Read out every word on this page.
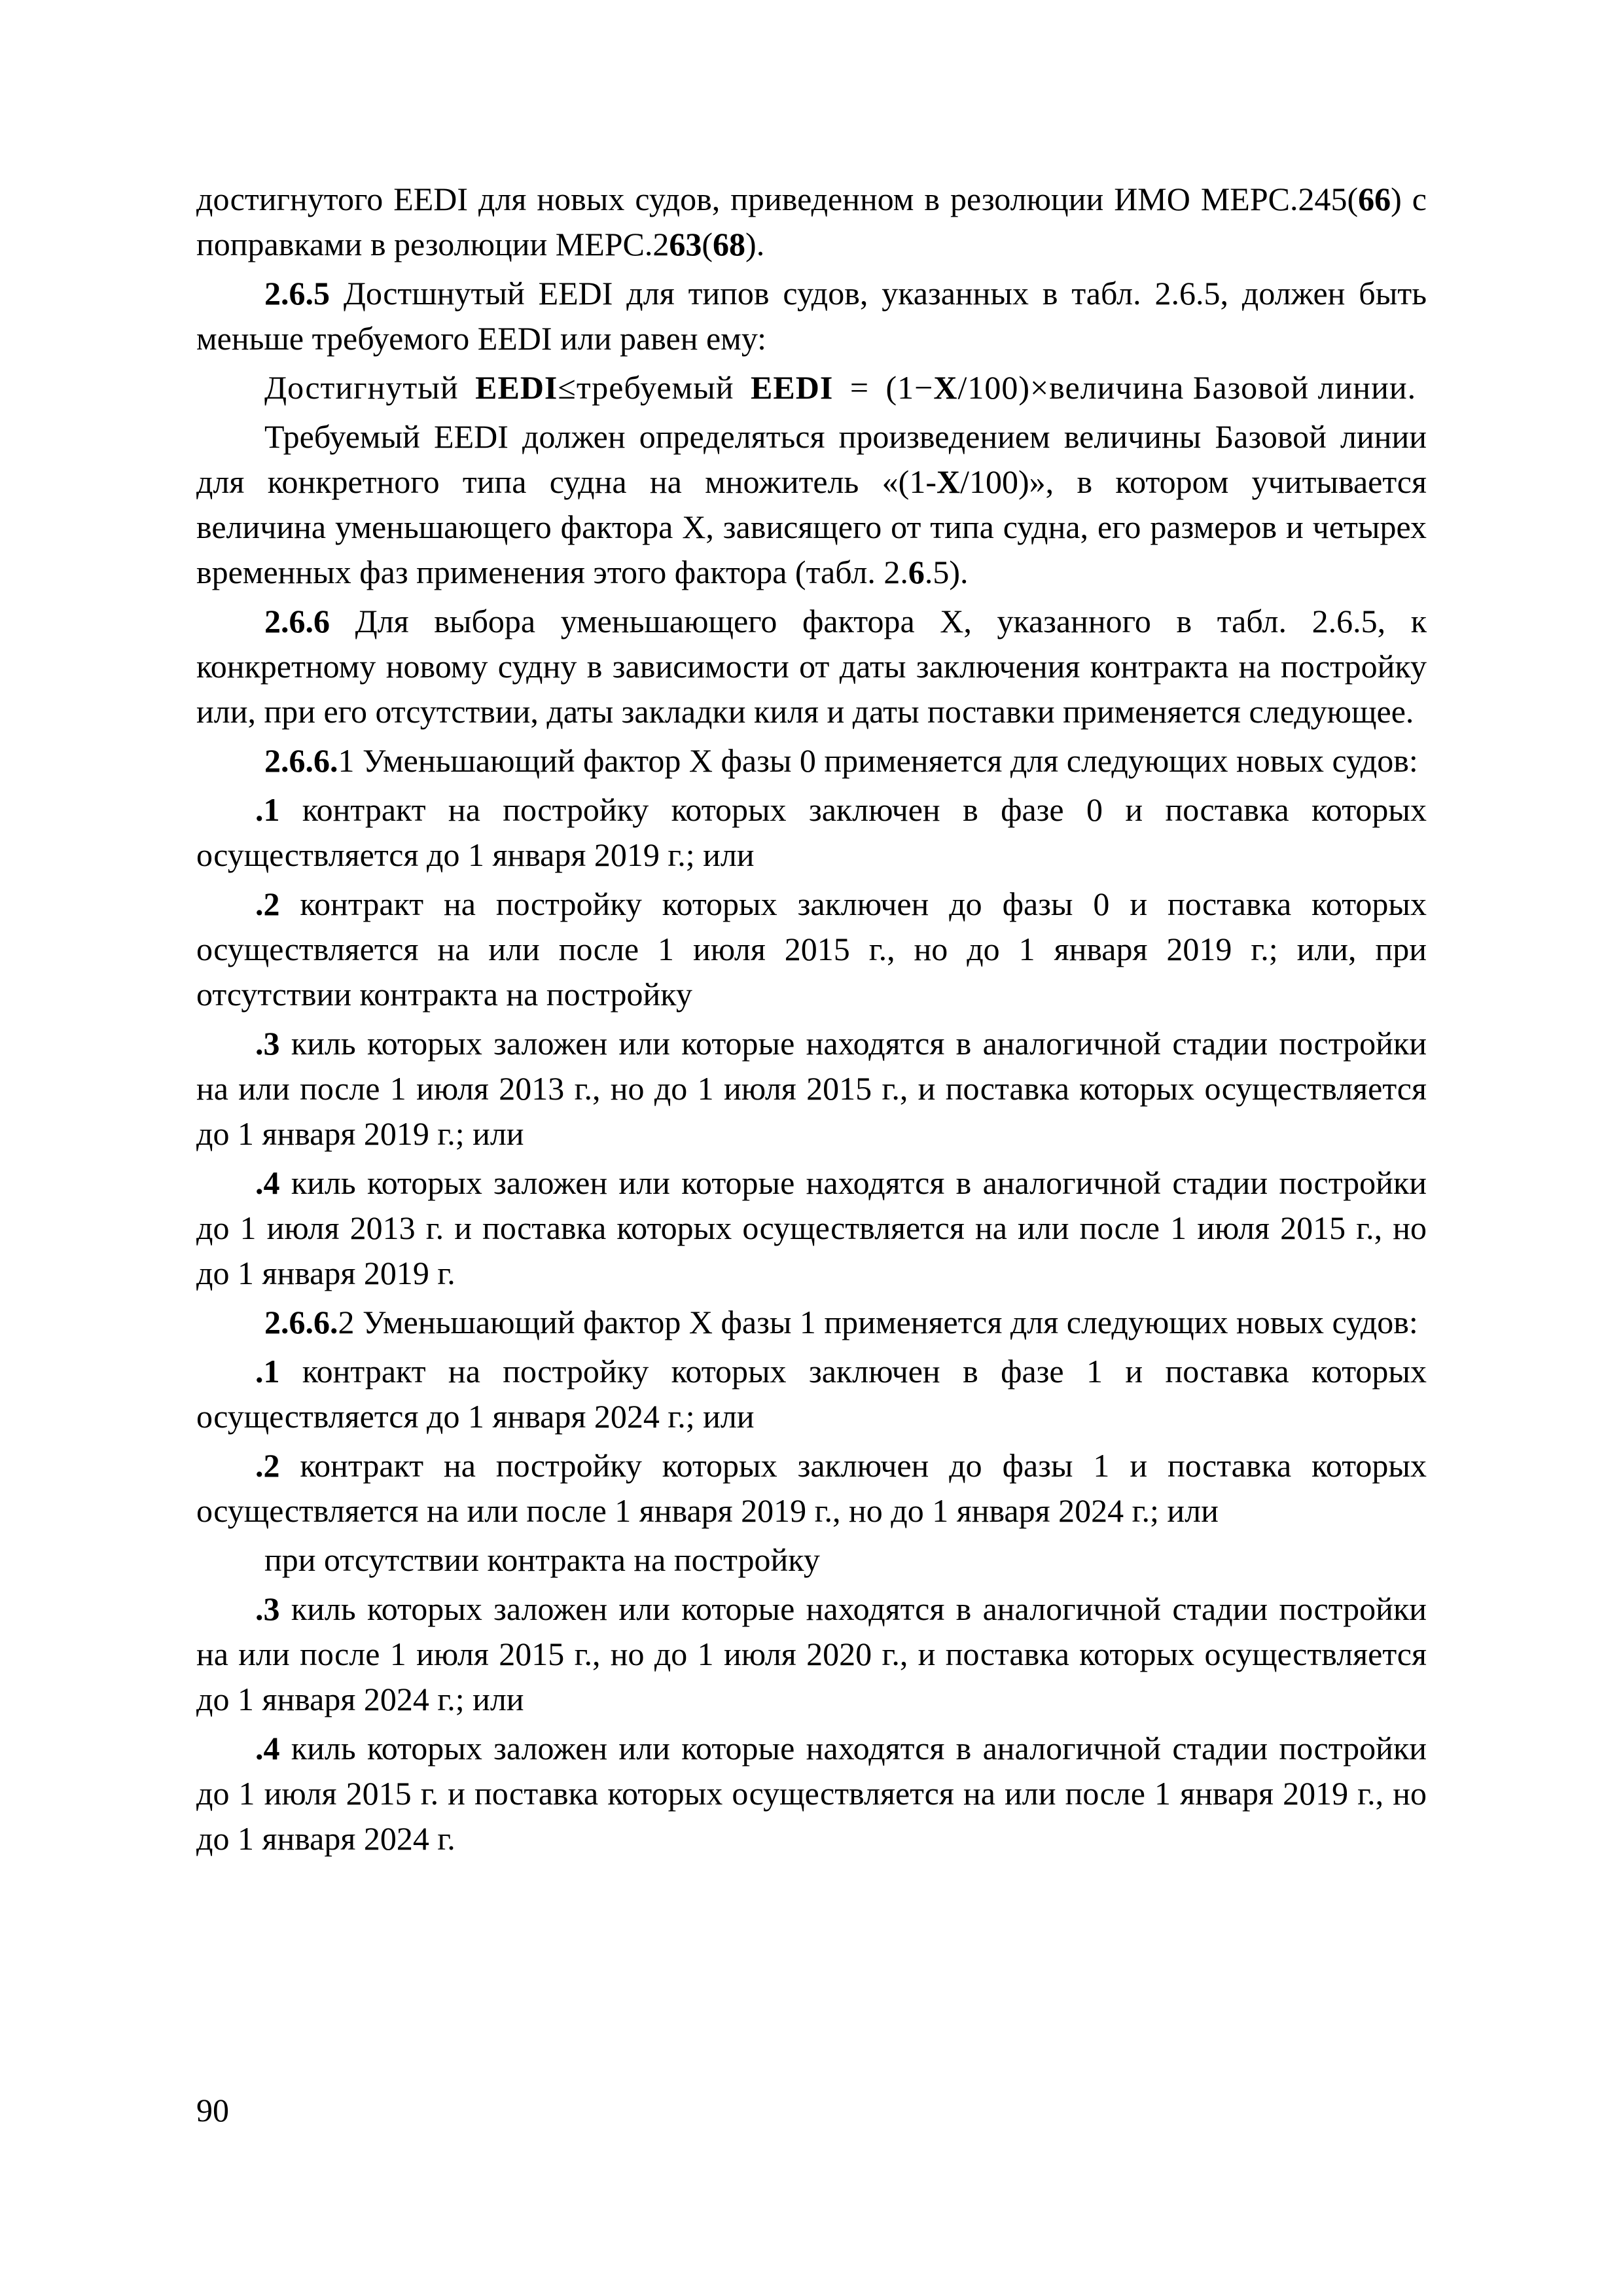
достигнутого EEDI для новых судов, приведенном в резолюции ИМО MEPC.245(66) с поправками в резолюции MEPC.263(68).

2.6.5 Достшнутый EEDI для типов судов, указанных в табл. 2.6.5, должен быть меньше требуемого EEDI или равен ему:

Достигнутый EEDI≤требуемый EEDI = (1−X/100)×величина Базовой линии.

Требуемый EEDI должен определяться произведением величины Базовой линии для конкретного типа судна на множитель «(1-X/100)», в котором учитывается величина уменьшающего фактора X, зависящего от типа судна, его размеров и четырех временных фаз применения этого фактора (табл. 2.6.5).

2.6.6 Для выбора уменьшающего фактора X, указанного в табл. 2.6.5, к конкретному новому судну в зависимости от даты заключения контракта на постройку или, при его отсутствии, даты закладки киля и даты поставки применяется следующее.

2.6.6.1 Уменьшающий фактор X фазы 0 применяется для следующих новых судов:

.1 контракт на постройку которых заключен в фазе 0 и поставка которых осуществляется до 1 января 2019 г.; или

.2 контракт на постройку которых заключен до фазы 0 и поставка которых осуществляется на или после 1 июля 2015 г., но до 1 января 2019 г.; или, при отсутствии контракта на постройку

.3 киль которых заложен или которые находятся в аналогичной стадии постройки на или после 1 июля 2013 г., но до 1 июля 2015 г., и поставка которых осуществляется до 1 января 2019 г.; или

.4 киль которых заложен или которые находятся в аналогичной стадии постройки до 1 июля 2013 г. и поставка которых осуществляется на или после 1 июля 2015 г., но до 1 января 2019 г.

2.6.6.2 Уменьшающий фактор X фазы 1 применяется для следующих новых судов:

.1 контракт на постройку которых заключен в фазе 1 и поставка которых осуществляется до 1 января 2024 г.; или

.2 контракт на постройку которых заключен до фазы 1 и поставка которых осуществляется на или после 1 января 2019 г., но до 1 января 2024 г.; или

при отсутствии контракта на постройку

.3 киль которых заложен или которые находятся в аналогичной стадии постройки на или после 1 июля 2015 г., но до 1 июля 2020 г., и поставка которых осуществляется до 1 января 2024 г.; или

.4 киль которых заложен или которые находятся в аналогичной стадии постройки до 1 июля 2015 г. и поставка которых осуществляется на или после 1 января 2019 г., но до 1 января 2024 г.

90
